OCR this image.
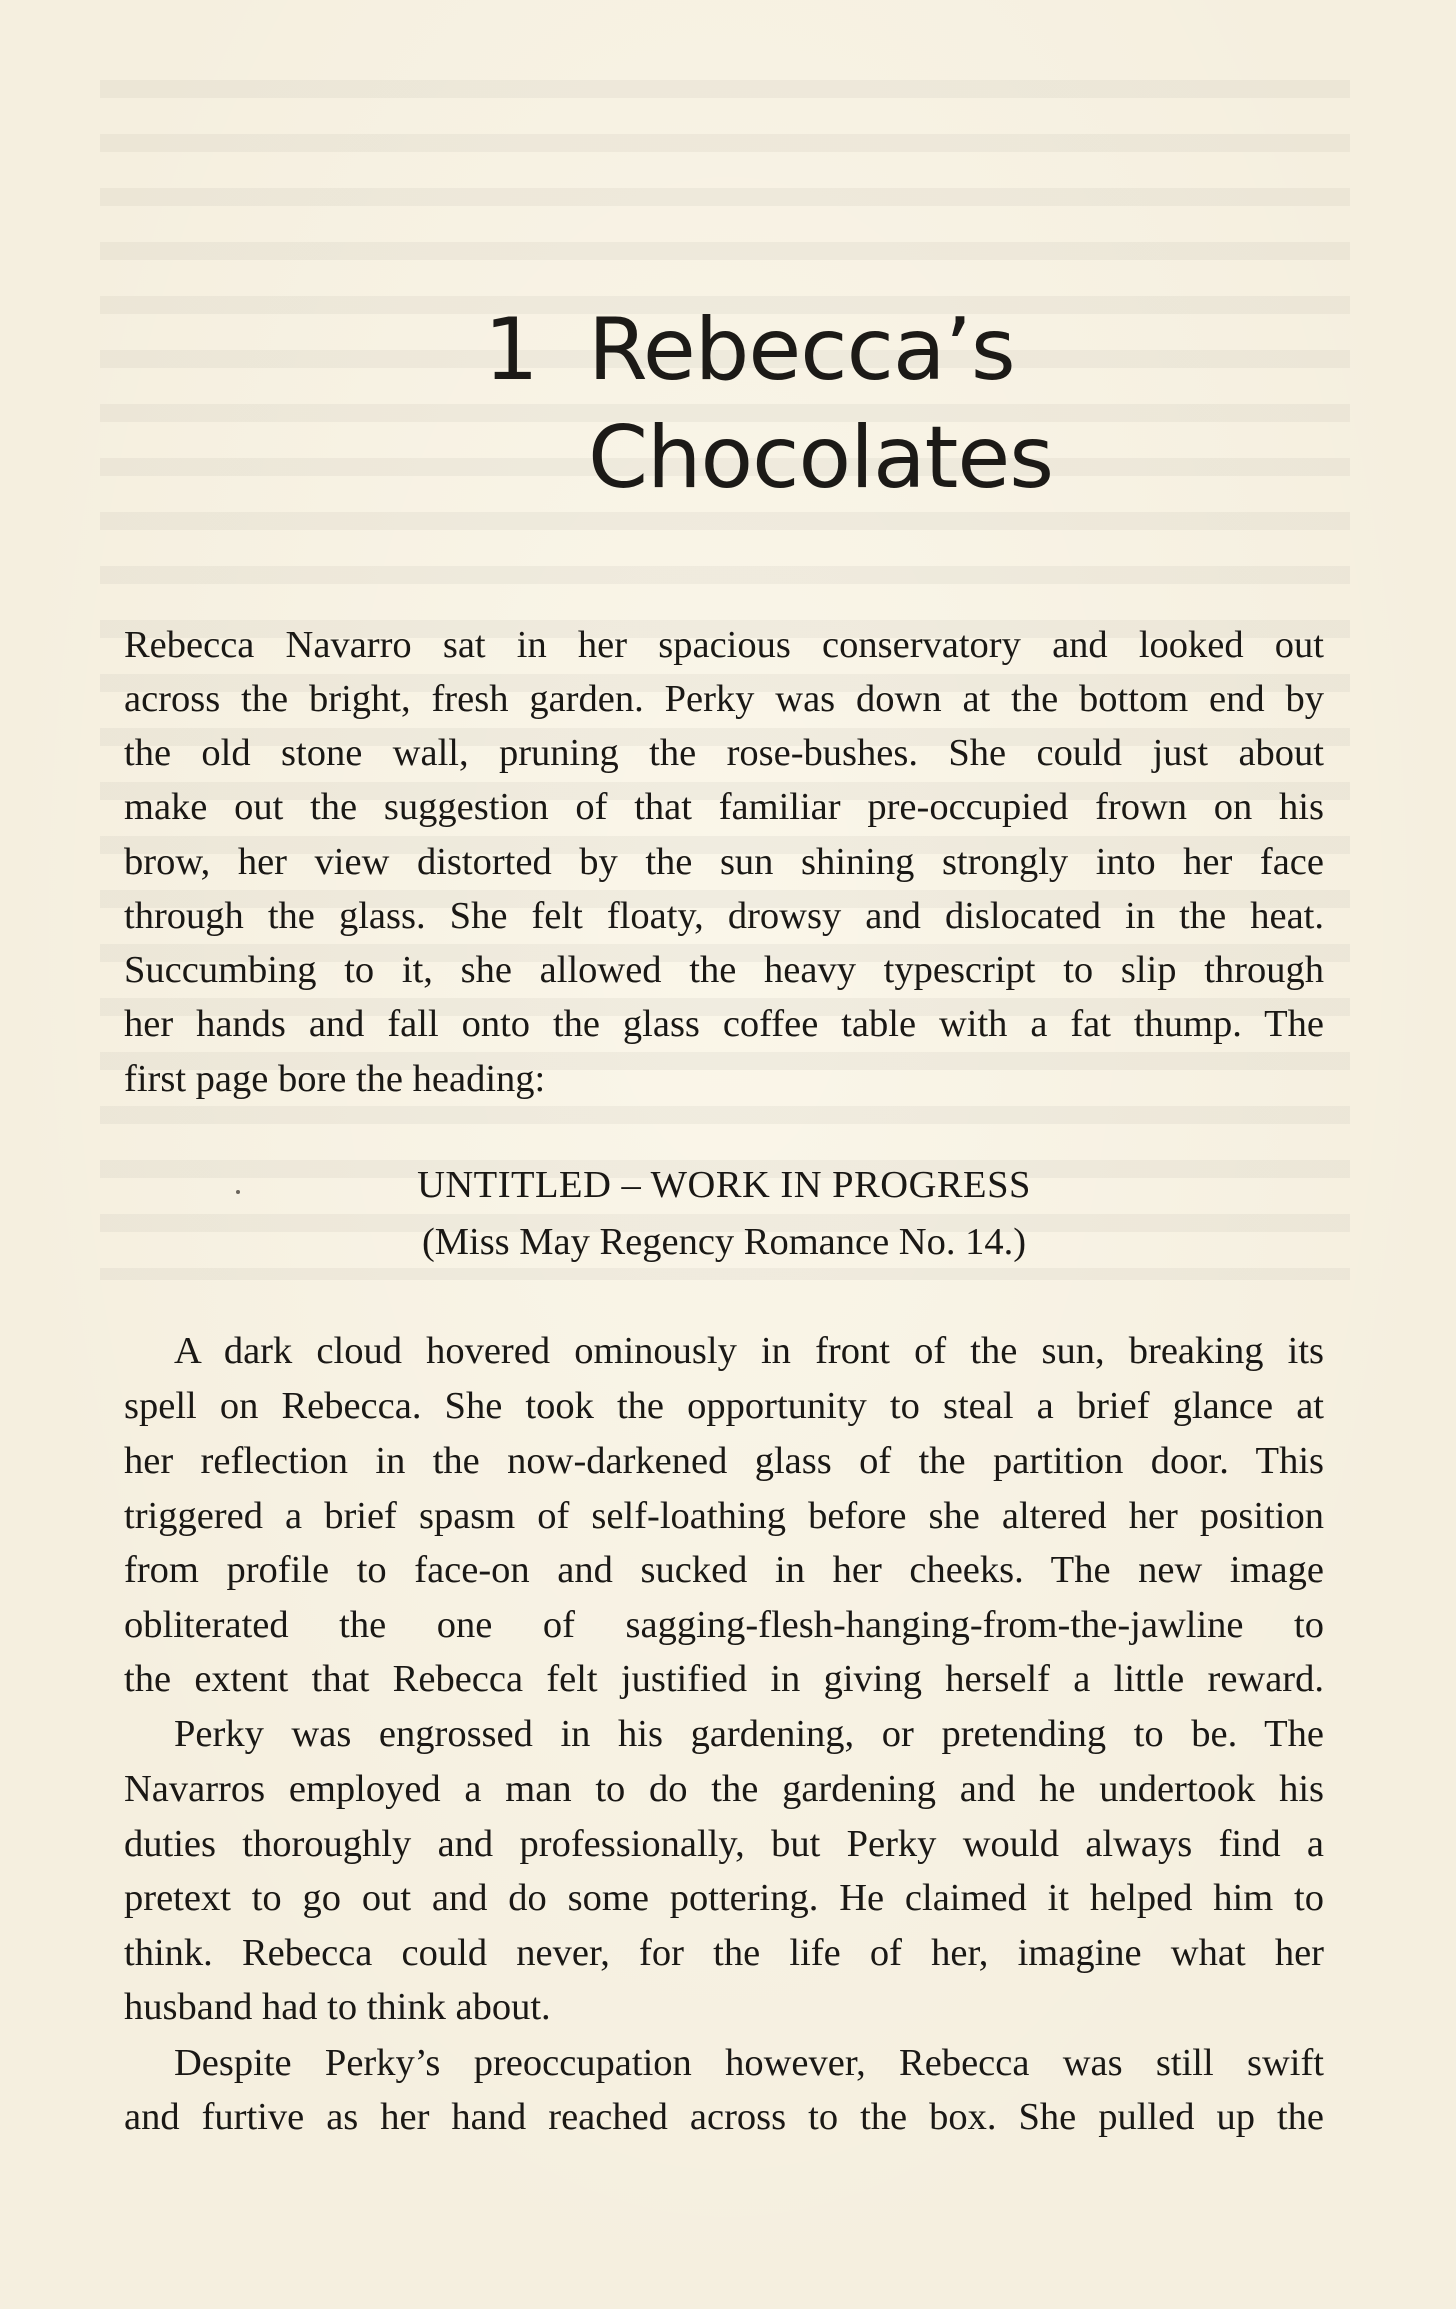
1 Rebecca’s
Chocolates
Rebecca Navarro sat in her spacious conservatory and looked out
across the bright, fresh garden. Perky was down at the bottom end by
the old stone wall, pruning the rose-bushes. She could just about
make out the suggestion of that familiar pre-occupied frown on his
brow, her view distorted by the sun shining strongly into her face
through the glass. She felt floaty, drowsy and dislocated in the heat.
Succumbing to it, she allowed the heavy typescript to slip through
her hands and fall onto the glass coffee table with a fat thump. The
first page bore the heading:
UNTITLED – WORK IN PROGRESS
(Miss May Regency Romance No. 14.)
A dark cloud hovered ominously in front of the sun, breaking its
spell on Rebecca. She took the opportunity to steal a brief glance at
her reflection in the now-darkened glass of the partition door. This
triggered a brief spasm of self-loathing before she altered her position
from profile to face-on and sucked in her cheeks. The new image
obliterated the one of sagging-flesh-hanging-from-the-jawline to
the extent that Rebecca felt justified in giving herself a little reward.
Perky was engrossed in his gardening, or pretending to be. The
Navarros employed a man to do the gardening and he undertook his
duties thoroughly and professionally, but Perky would always find a
pretext to go out and do some pottering. He claimed it helped him to
think. Rebecca could never, for the life of her, imagine what her
husband had to think about.
Despite Perky’s preoccupation however, Rebecca was still swift
and furtive as her hand reached across to the box. She pulled up the
